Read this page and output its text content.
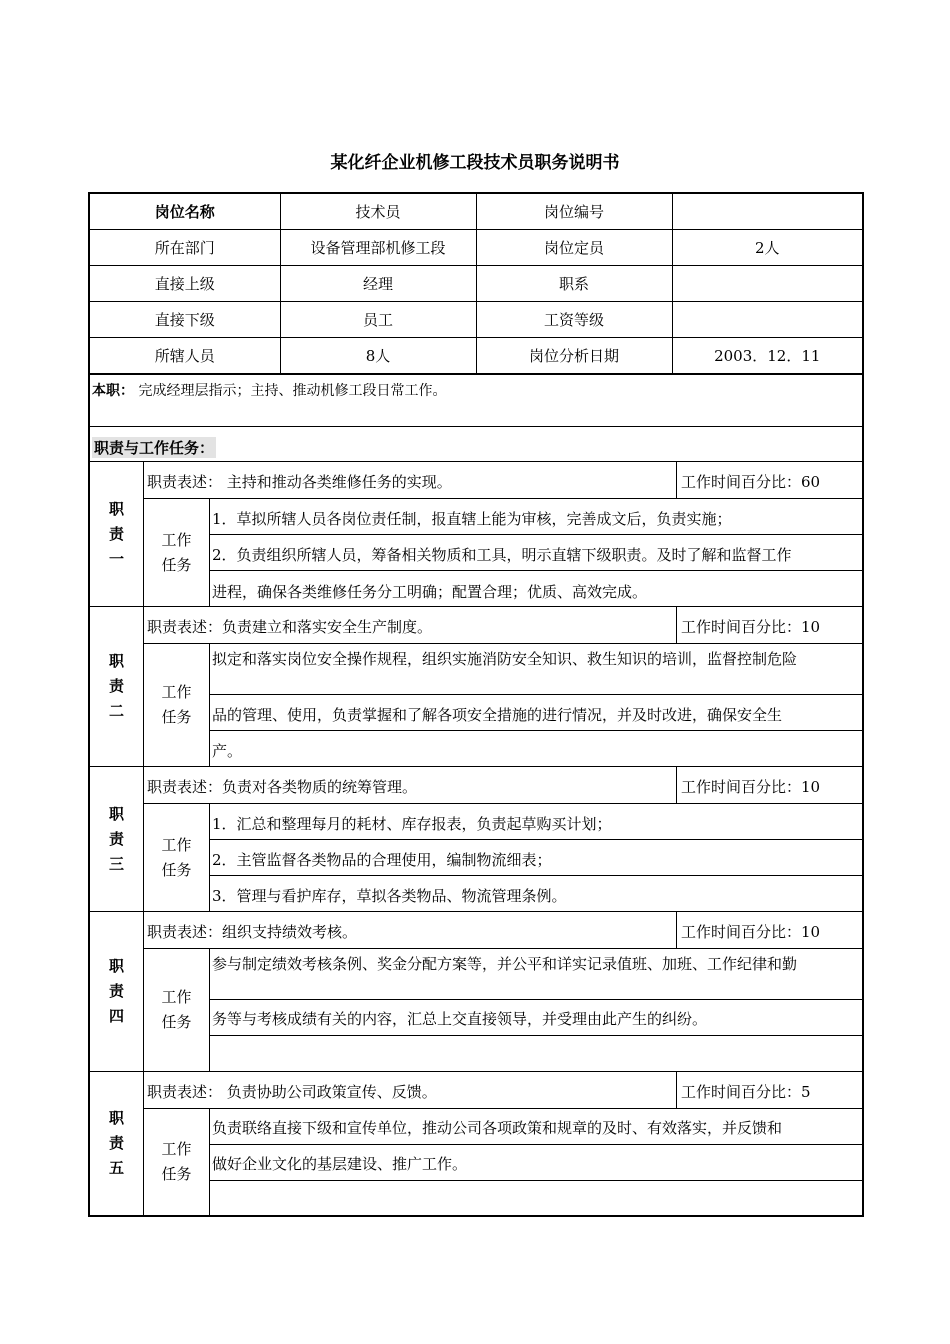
某化纤企业机修工段技术员职务说明书
岗位名称	技术员	岗位编号	
所在部门	设备管理部机修工段	岗位定员	2人
直接上级	经理	职系	
直接下级	员工	工资等级	
所辖人员	8人	岗位分析日期	2003．12．11
本职： 完成经理层指示；主持、推动机修工段日常工作。
职责与工作任务：
职
责
一
职责表述： 主持和推动各类维修任务的实现。	工作时间百分比：60
工作
任务
1．草拟所辖人员各岗位责任制，报直辖上能为审核，完善成文后，负责实施；
2．负责组织所辖人员，筹备相关物质和工具，明示直辖下级职责。及时了解和监督工作
进程，确保各类维修任务分工明确；配置合理；优质、高效完成。
职
责
二
职责表述：负责建立和落实安全生产制度。	工作时间百分比：10
工作
任务
拟定和落实岗位安全操作规程，组织实施消防安全知识、救生知识的培训，监督控制危险
品的管理、使用，负责掌握和了解各项安全措施的进行情况，并及时改进，确保安全生
产。
职
责
三
职责表述：负责对各类物质的统筹管理。	工作时间百分比：10
工作
任务
1．汇总和整理每月的耗材、库存报表，负责起草购买计划；
2．主管监督各类物品的合理使用，编制物流细表；
3．管理与看护库存，草拟各类物品、物流管理条例。
职
责
四
职责表述：组织支持绩效考核。	工作时间百分比：10
工作
任务
参与制定绩效考核条例、奖金分配方案等，并公平和详实记录值班、加班、工作纪律和勤
务等与考核成绩有关的内容，汇总上交直接领导，并受理由此产生的纠纷。
职
责
五
职责表述： 负责协助公司政策宣传、反馈。	工作时间百分比：5
工作
任务
负责联络直接下级和宣传单位，推动公司各项政策和规章的及时、有效落实，并反馈和
做好企业文化的基层建设、推广工作。
